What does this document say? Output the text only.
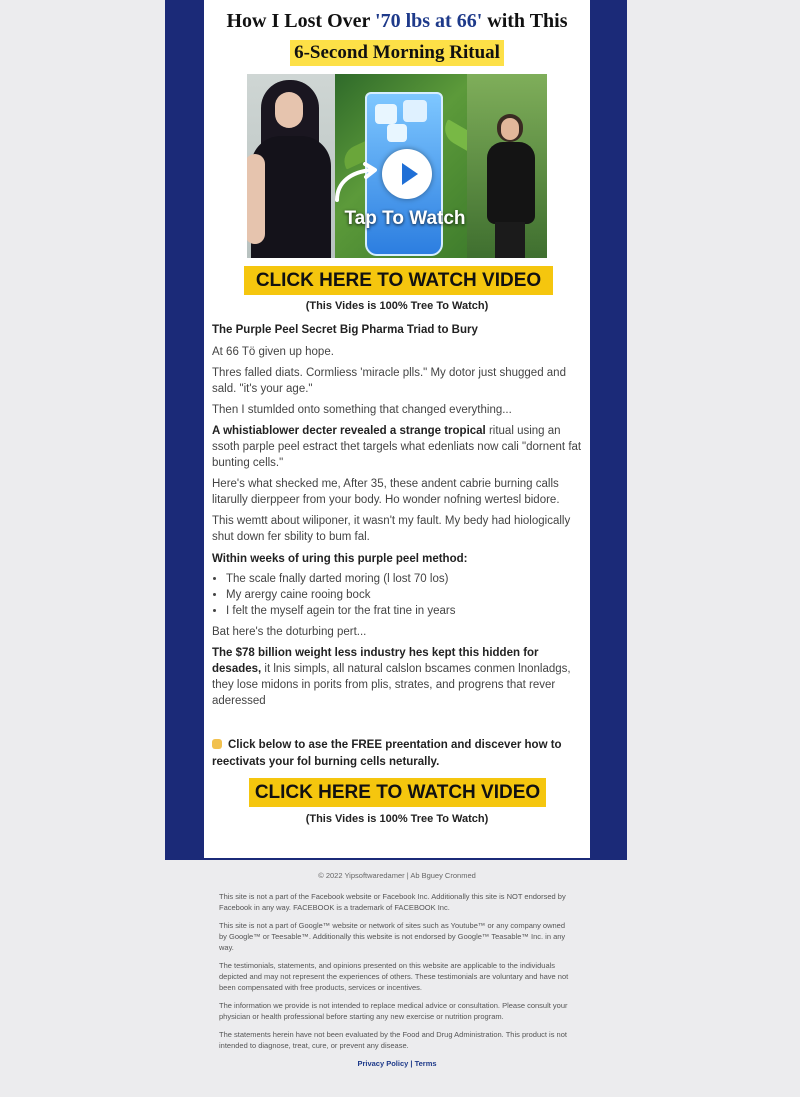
How I Lost Over '70 lbs at 66' with This
6-Second Morning Ritual
Tap To Watch
CLICK HERE TO WATCH VIDEO
(This Vides is 100% Tree To Watch)

The Purple Peel Secret Big Pharma Triad to Bury

At 66 Tö given up hope.

Thres falled diats. Cormliess 'miracle plls." My dotor just shugged and sald. "it's your age."

Then I stumlded onto something that changed everything...

A whistiablower decter revealed a strange tropical ritual using an ssoth parple peel estract thet targels what edenliats now cali "dornent fat bunting cells."

Here's what shecked me, After 35, these andent cabrie burning calls litarully dierppeer from your body. Ho wonder nofning wertesl bidore.

This wemtt about wiliponer, it wasn't my fault. My bedy had hiologically shut down fer sbility to bum fal.

Within weeks of uring this purple peel method:

• The scale fnally darted moring (l lost 70 los)
• My arergy caine rooing bock
• I felt the myself agein tor the frat tine in years

Bat here's the doturbing pert...

The $78 billion weight less industry hes kept this hidden for desades, it lnis simpls, all natural calslon bscames conmen lnonladgs, they lose midons in porits from plis, strates, and progrens that rever aderessed

Click below to ase the FREE preentation and discever how to reectivats your fol burning cells neturally.
CLICK HERE TO WATCH VIDEO
(This Vides is 100% Tree To Watch)

© 2022 Yipsoftwaredamer | Ab Bguey Cronmed

This site is not a part of the Facebook website or Facebook Inc. Additionally this site is NOT endorsed by Facebook in any way. FACEBOOK is a trademark of FACEBOOK Inc.

This site is not a part of Google™ website or network of sites such as Youtube™ or any company owned by Google™ or Teesable™. Additionally this website is not endorsed by Google™ Teasable™ Inc. in any way.

The testimonials, statements, and opinions presented on this website are applicable to the individuals depicted and may not represent the experiences of others. These testimonials are voluntary and have not been compensated with free products, services or incentives.

The information we provide is not intended to replace medical advice or consultation. Please consult your physician or health professional before starting any new exercise or nutrition program.

The statements herein have not been evaluated by the Food and Drug Administration. This product is not intended to diagnose, treat, cure, or prevent any disease.

Privacy Policy | Terms
